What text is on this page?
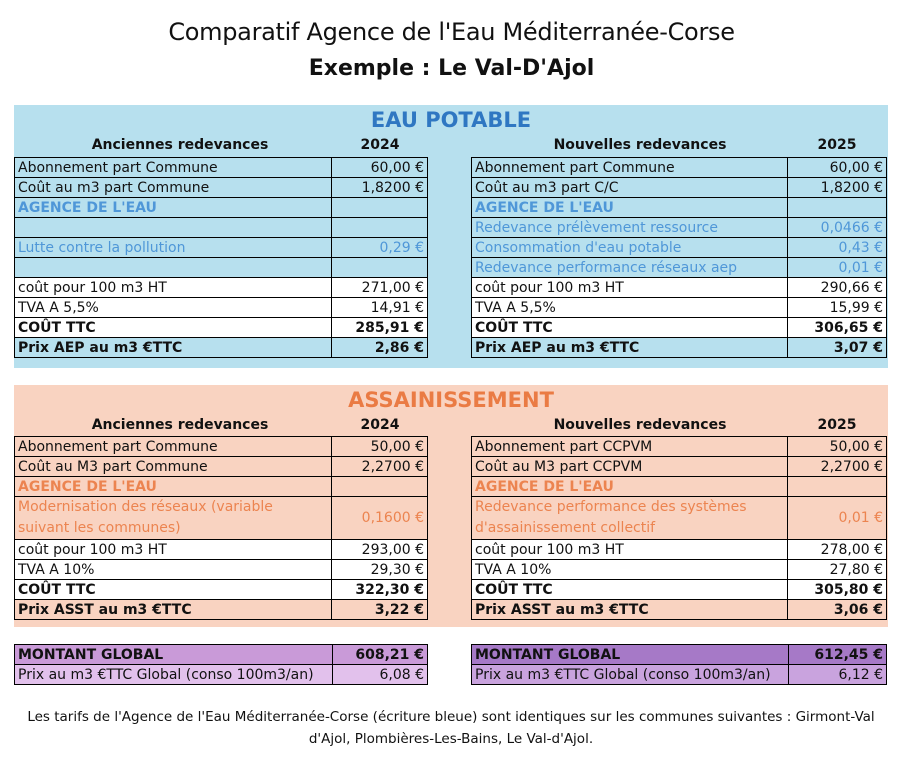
Comparatif Agence de l'Eau Méditerranée-Corse
Exemple : Le Val-D'Ajol
EAU POTABLE
Anciennes redevances	2024	Nouvelles redevances	2025
Abonnement part Commune	60,00 €
Coût au m3 part Commune	1,8200 €
AGENCE DE L'EAU	

Lutte contre la pollution	0,29 €

coût pour 100 m3 HT	271,00 €
TVA A 5,5%	14,91 €
COÛT TTC	285,91 €
Prix AEP au m3 €TTC	2,86 €
Abonnement part Commune	60,00 €
Coût au m3 part C/C	1,8200 €
AGENCE DE L'EAU	
Redevance prélèvement ressource	0,0466 €
Consommation d'eau potable	0,43 €
Redevance performance réseaux aep	0,01 €
coût pour 100 m3 HT	290,66 €
TVA A 5,5%	15,99 €
COÛT TTC	306,65 €
Prix AEP au m3 €TTC	3,07 €
ASSAINISSEMENT
Anciennes redevances	2024	Nouvelles redevances	2025
Abonnement part Commune	50,00 €
Coût au M3 part Commune	2,2700 €
AGENCE DE L'EAU	
Modernisation des réseaux (variable suivant les communes)	0,1600 €
coût pour 100 m3 HT	293,00 €
TVA A 10%	29,30 €
COÛT TTC	322,30 €
Prix ASST au m3 €TTC	3,22 €
Abonnement part CCPVM	50,00 €
Coût au M3 part CCPVM	2,2700 €
AGENCE DE L'EAU	
Redevance performance des systèmes d'assainissement collectif	0,01 €
coût pour 100 m3 HT	278,00 €
TVA A 10%	27,80 €
COÛT TTC	305,80 €
Prix ASST au m3 €TTC	3,06 €
MONTANT GLOBAL	608,21 €
Prix au m3 €TTC Global (conso 100m3/an)	6,08 €
MONTANT GLOBAL	612,45 €
Prix au m3 €TTC Global (conso 100m3/an)	6,12 €
Les tarifs de l'Agence de l'Eau Méditerranée-Corse (écriture bleue) sont identiques sur les communes suivantes : Girmont-Val d'Ajol, Plombières-Les-Bains, Le Val-d'Ajol.
